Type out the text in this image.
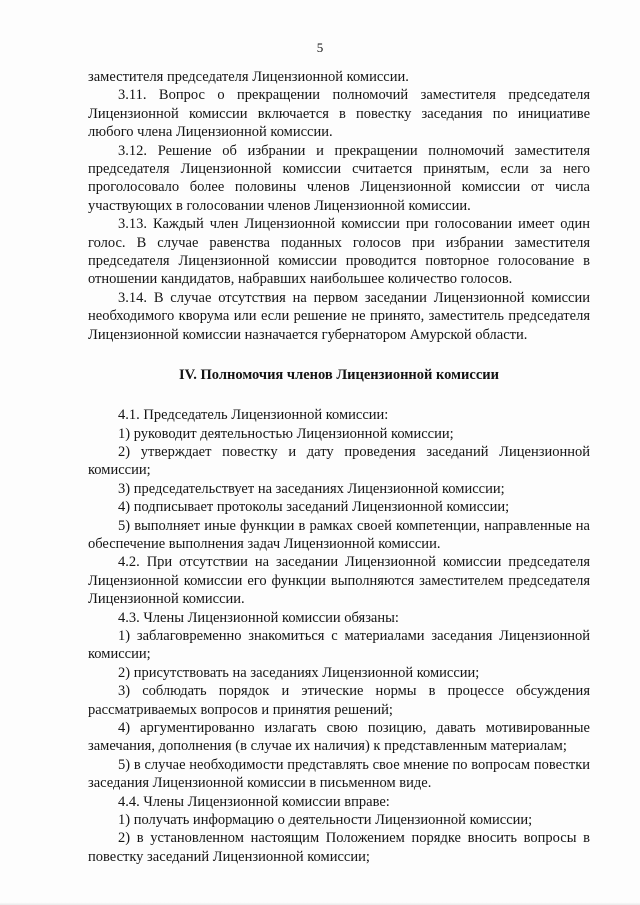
5

заместителя председателя Лицензионной комиссии.

3.11. Вопрос о прекращении полномочий заместителя председателя Лицензионной комиссии включается в повестку заседания по инициативе любого члена Лицензионной комиссии.

3.12. Решение об избрании и прекращении полномочий заместителя председателя Лицензионной комиссии считается принятым, если за него проголосовало более половины членов Лицензионной комиссии от числа участвующих в голосовании членов Лицензионной комиссии.

3.13. Каждый член Лицензионной комиссии при голосовании имеет один голос. В случае равенства поданных голосов при избрании заместителя председателя Лицензионной комиссии проводится повторное голосование в отношении кандидатов, набравших наибольшее количество голосов.

3.14. В случае отсутствия на первом заседании Лицензионной комиссии необходимого кворума или если решение не принято, заместитель председателя Лицензионной комиссии назначается губернатором Амурской области.

IV. Полномочия членов Лицензионной комиссии

4.1. Председатель Лицензионной комиссии:

1) руководит деятельностью Лицензионной комиссии;

2) утверждает повестку и дату проведения заседаний Лицензионной комиссии;

3) председательствует на заседаниях Лицензионной комиссии;

4) подписывает протоколы заседаний Лицензионной комиссии;

5) выполняет иные функции в рамках своей компетенции, направленные на обеспечение выполнения задач Лицензионной комиссии.

4.2. При отсутствии на заседании Лицензионной комиссии председателя Лицензионной комиссии его функции выполняются заместителем председателя Лицензионной комиссии.

4.3. Члены Лицензионной комиссии обязаны:

1) заблаговременно знакомиться с материалами заседания Лицензионной комиссии;

2) присутствовать на заседаниях Лицензионной комиссии;

3) соблюдать порядок и этические нормы в процессе обсуждения рассматриваемых вопросов и принятия решений;

4) аргументированно излагать свою позицию, давать мотивированные замечания, дополнения (в случае их наличия) к представленным материалам;

5) в случае необходимости представлять свое мнение по вопросам повестки заседания Лицензионной комиссии в письменном виде.

4.4. Члены Лицензионной комиссии вправе:

1) получать информацию о деятельности Лицензионной комиссии;

2) в установленном настоящим Положением порядке вносить вопросы в повестку заседаний Лицензионной комиссии;
